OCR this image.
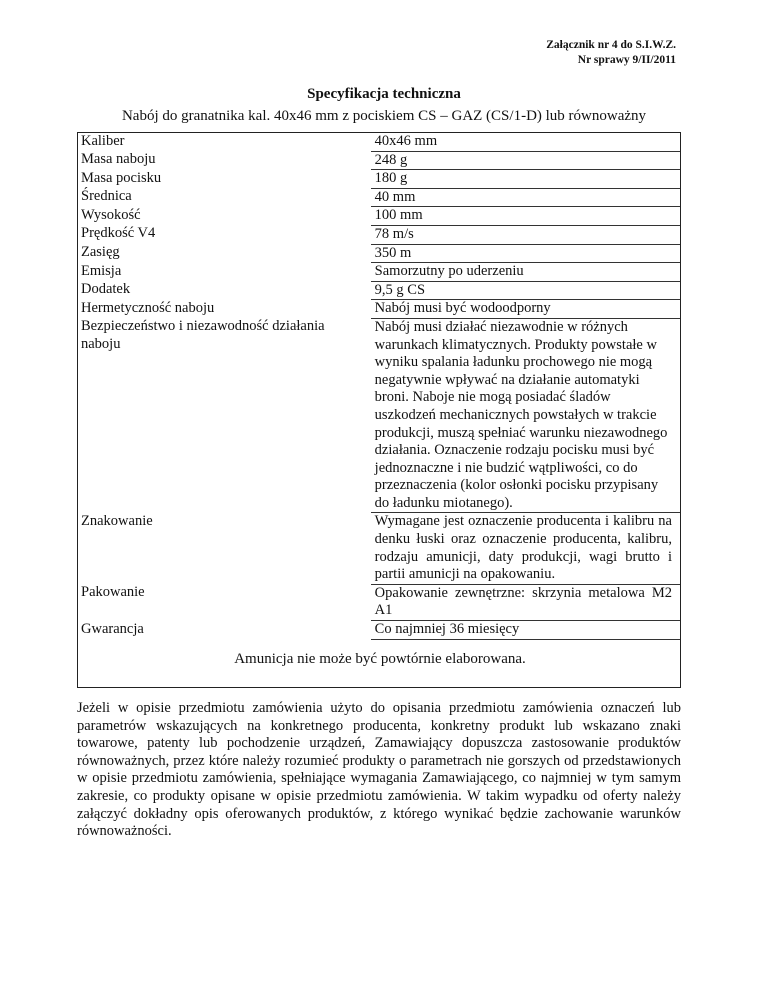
Załącznik nr 4 do S.I.W.Z.
Nr sprawy 9/II/2011
Specyfikacja techniczna
Nabój do granatnika kal. 40x46 mm z pociskiem CS – GAZ (CS/1-D) lub równoważny
Kaliber	40x46 mm
Masa naboju	248 g
Masa pocisku	180 g
Średnica	40 mm
Wysokość	100 mm
Prędkość V4	78 m/s
Zasięg	350 m
Emisja	Samorzutny po uderzeniu
Dodatek	9,5 g CS
Hermetyczność naboju	Nabój musi być wodoodporny
Bezpieczeństwo i niezawodność działania naboju	Nabój musi działać niezawodnie w różnych warunkach klimatycznych. Produkty powstałe w wyniku spalania ładunku prochowego nie mogą negatywnie wpływać na działanie automatyki broni. Naboje nie mogą posiadać śladów uszkodzeń mechanicznych powstałych w trakcie produkcji, muszą spełniać warunku niezawodnego działania. Oznaczenie rodzaju pocisku musi być jednoznaczne i nie budzić wątpliwości, co do przeznaczenia (kolor osłonki pocisku przypisany do ładunku miotanego).
Znakowanie	Wymagane jest oznaczenie producenta i kalibru na denku łuski oraz oznaczenie producenta, kalibru, rodzaju amunicji, daty produkcji, wagi brutto i partii amunicji na opakowaniu.
Pakowanie	Opakowanie zewnętrzne: skrzynia metalowa M2 A1
Gwarancja	Co najmniej 36 miesięcy
Amunicja nie może być powtórnie elaborowana.
Jeżeli w opisie przedmiotu zamówienia użyto do opisania przedmiotu zamówienia oznaczeń lub parametrów wskazujących na konkretnego producenta, konkretny produkt lub wskazano znaki towarowe, patenty lub pochodzenie urządzeń, Zamawiający dopuszcza zastosowanie produktów równoważnych, przez które należy rozumieć produkty o parametrach nie gorszych od przedstawionych w opisie przedmiotu zamówienia, spełniające wymagania Zamawiającego, co najmniej w tym samym zakresie, co produkty opisane w opisie przedmiotu zamówienia. W takim wypadku od oferty należy załączyć dokładny opis oferowanych produktów, z którego wynikać będzie zachowanie warunków równoważności.
